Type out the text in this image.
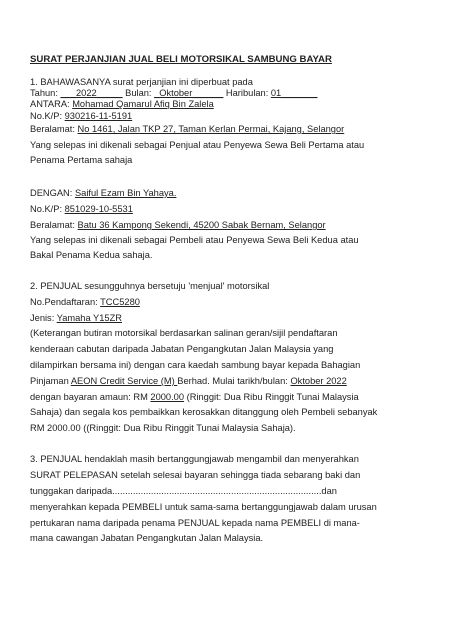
SURAT PERJANJIAN JUAL BELI MOTORSIKAL SAMBUNG BAYAR
1. BAHAWASANYA surat perjanjian ini diperbuat pada
Tahun: ___2022_____ Bulan: _Oktober______ Haribulan: 01_______
ANTARA: Mohamad Qamarul Afiq Bin Zalela
No.K/P: 930216-11-5191
Beralamat: No 1461, Jalan TKP 27, Taman Kerlan Permai, Kajang, Selangor
Yang selepas ini dikenali sebagai Penjual atau Penyewa Sewa Beli Pertama atau
Penama Pertama sahaja
DENGAN: Saiful Ezam Bin Yahaya.
No.K/P: 851029-10-5531
Beralamat: Batu 36 Kampong Sekendi, 45200 Sabak Bernam, Selangor
Yang selepas ini dikenali sebagai Pembeli atau Penyewa Sewa Beli Kedua atau
Bakal Penama Kedua sahaja.
2. PENJUAL sesungguhnya bersetuju 'menjual' motorsikal
No.Pendaftaran: TCC5280
Jenis: Yamaha Y15ZR
(Keterangan butiran motorsikal berdasarkan salinan geran/sijil pendaftaran
kenderaan cabutan daripada Jabatan Pengangkutan Jalan Malaysia yang
dilampirkan bersama ini) dengan cara kaedah sambung bayar kepada Bahagian
Pinjaman AEON Credit Service (M) Berhad. Mulai tarikh/bulan: Oktober 2022
dengan bayaran amaun: RM 2000.00 (Ringgit: Dua Ribu Ringgit Tunai Malaysia
Sahaja) dan segala kos pembaikkan kerosakkan ditanggung oleh Pembeli sebanyak
RM 2000.00 ((Ringgit: Dua Ribu Ringgit Tunai Malaysia Sahaja).
3. PENJUAL hendaklah masih bertanggungjawab mengambil dan menyerahkan
SURAT PELEPASAN setelah selesai bayaran sehingga tiada sebarang baki dan
tunggakan daripada.................................................................................dan
menyerahkan kepada PEMBELI untuk sama-sama bertanggungjawab dalam urusan
pertukaran nama daripada penama PENJUAL kepada nama PEMBELI di mana-
mana cawangan Jabatan Pengangkutan Jalan Malaysia.
